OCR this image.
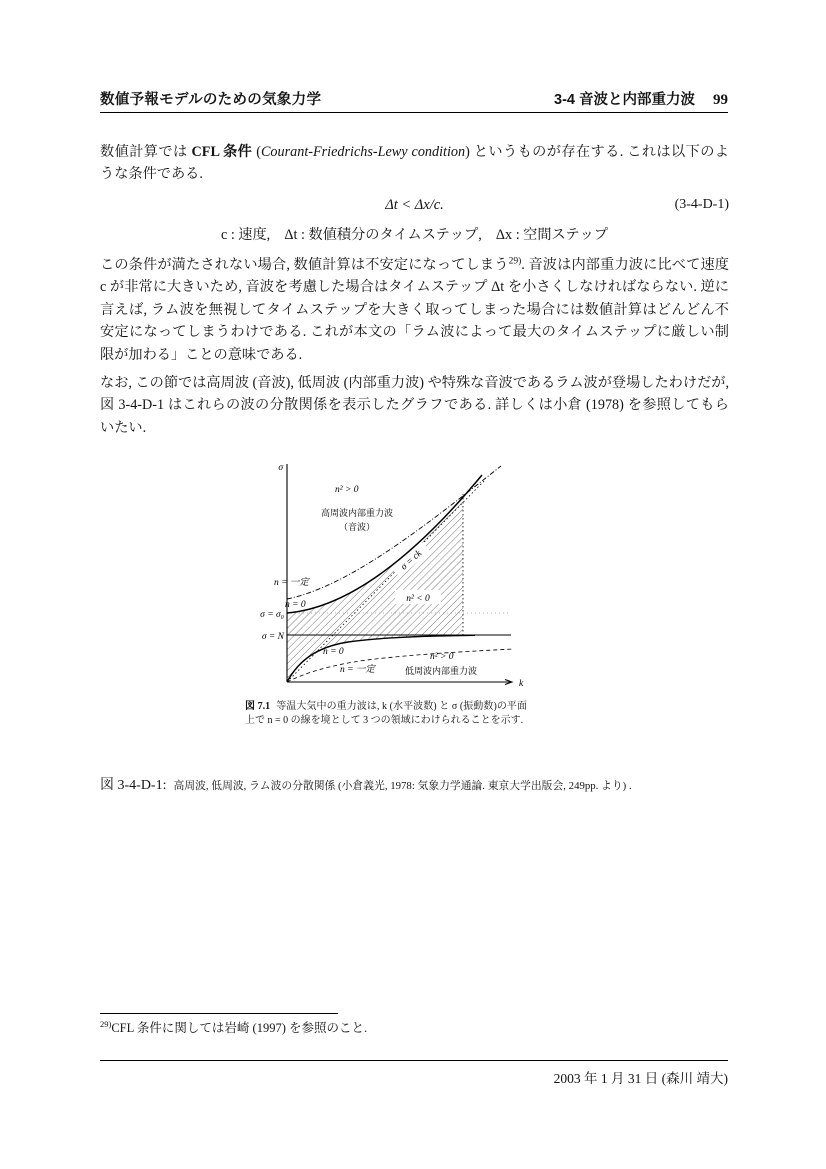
数値予報モデルのための気象力学	3-4 音波と内部重力波 99
数値計算では CFL 条件 (Courant-Friedrichs-Lewy condition) というものが存在する. これは以下のような条件である.
Δt < Δx/c.	(3-4-D-1)
c : 速度,　Δt : 数値積分のタイムステップ,　Δx : 空間ステップ
この条件が満たされない場合, 数値計算は不安定になってしまう$^{29)}$. 音波は内部重力波に比べて速度 c が非常に大きいため, 音波を考慮した場合はタイムステップ Δt を小さくしなければならない. 逆に言えば, ラム波を無視してタイムステップを大きく取ってしまった場合には数値計算はどんどん不安定になってしまうわけである. これが本文の「ラム波によって最大のタイムステップに厳しい制限が加わる」ことの意味である.
なお, この節では高周波 (音波), 低周波 (内部重力波) や特殊な音波であるラム波が登場したわけだが, 図 3-4-D-1 はこれらの波の分散関係を表示したグラフである. 詳しくは小倉 (1978) を参照してもらいたい.
σ
k
n² > 0
高周波内部重力波
（音波）
n = 一定
n = 0
σ = σ₀
σ = N
n² < 0
σ = ck
n = 0
n = 一定
n² > 0
低周波内部重力波
図 7.1 等温大気中の重力波は, k (水平波数) と σ (振動数)の平面上で n = 0 の線を境として 3 つの領域にわけられることを示す.
図 3-4-D-1: 高周波, 低周波, ラム波の分散関係 (小倉義光, 1978: 気象力学通論. 東京大学出版会, 249pp. より) .
$^{29)}$CFL 条件に関しては岩崎 (1997) を参照のこと.
2003 年 1 月 31 日 (森川 靖大)
